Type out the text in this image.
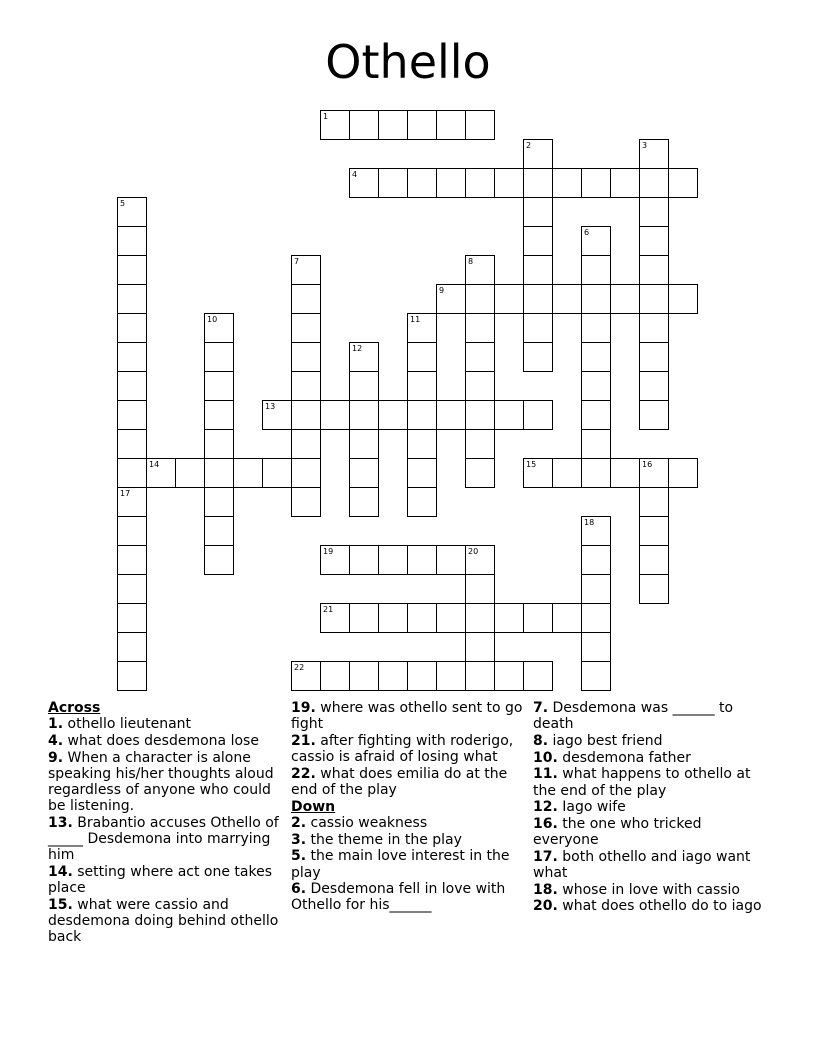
Othello
1
2	3
4
5
6
7	8
9
10	11
12
13
14	15	16
17
18
19	20
21
22
Across
1. othello lieutenant
4. what does desdemona lose
9. When a character is alone speaking his/her thoughts aloud regardless of anyone who could be listening.
13. Brabantio accuses Othello of _____ Desdemona into marrying him
14. setting where act one takes place
15. what were cassio and desdemona doing behind othello back
19. where was othello sent to go fight
21. after fighting with roderigo, cassio is afraid of losing what
22. what does emilia do at the end of the play
Down
2. cassio weakness
3. the theme in the play
5. the main love interest in the play
6. Desdemona fell in love with Othello for his______
7. Desdemona was ______ to death
8. iago best friend
10. desdemona father
11. what happens to othello at the end of the play
12. Iago wife
16. the one who tricked everyone
17. both othello and iago want what
18. whose in love with cassio
20. what does othello do to iago
